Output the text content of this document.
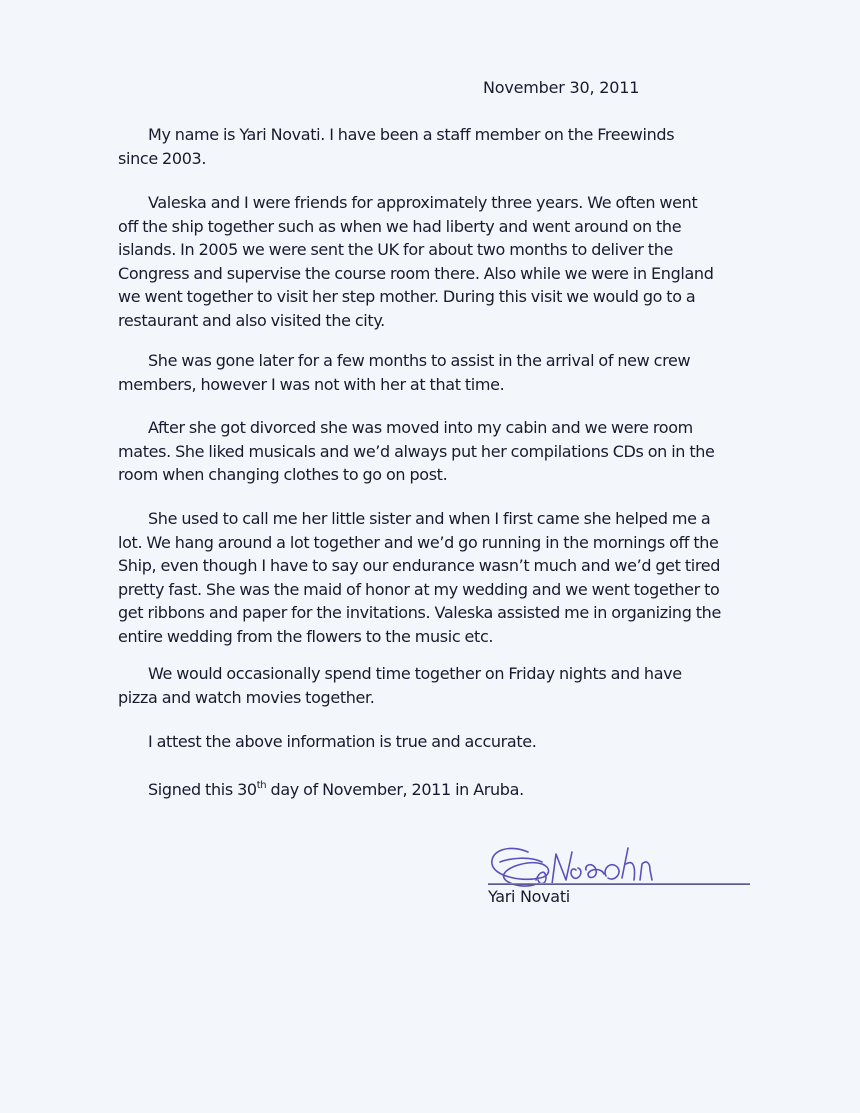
November 30, 2011
My name is Yari Novati. I have been a staff member on the Freewinds
since 2003.
Valeska and I were friends for approximately three years. We often went
off the ship together such as when we had liberty and went around on the
islands. In 2005 we were sent the UK for about two months to deliver the
Congress and supervise the course room there. Also while we were in England
we went together to visit her step mother. During this visit we would go to a
restaurant and also visited the city.
She was gone later for a few months to assist in the arrival of new crew
members, however I was not with her at that time.
After she got divorced she was moved into my cabin and we were room
mates. She liked musicals and we’d always put her compilations CDs on in the
room when changing clothes to go on post.
She used to call me her little sister and when I first came she helped me a
lot. We hang around a lot together and we’d go running in the mornings off the
Ship, even though I have to say our endurance wasn’t much and we’d get tired
pretty fast. She was the maid of honor at my wedding and we went together to
get ribbons and paper for the invitations. Valeska assisted me in organizing the
entire wedding from the flowers to the music etc.
We would occasionally spend time together on Friday nights and have
pizza and watch movies together.
I attest the above information is true and accurate.
Signed this 30th day of November, 2011 in Aruba.
Yari Novati
